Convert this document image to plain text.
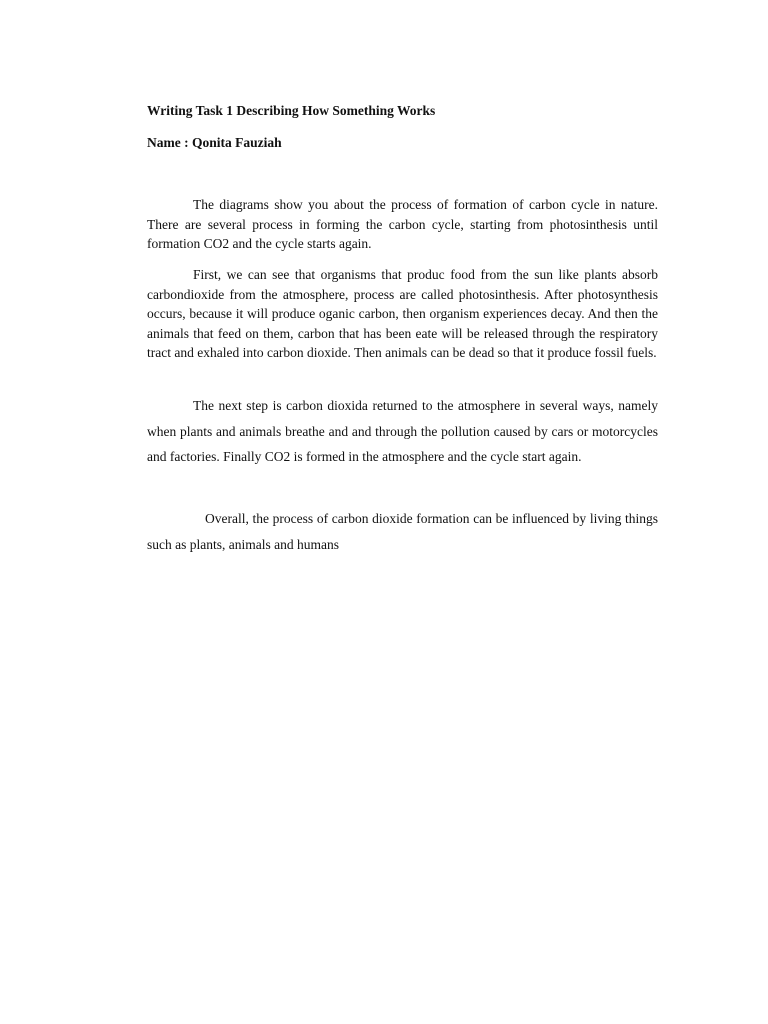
Writing Task 1 Describing How Something Works

Name : Qonita Fauziah

The diagrams show you about the process of formation of carbon cycle in nature. There are several process in forming the carbon cycle, starting from photosinthesis until formation CO2 and the cycle starts again.

First, we can see that organisms that produc food from the sun like plants absorb carbondioxide from the atmosphere, process are called photosinthesis. After photosynthesis occurs, because it will produce oganic carbon, then organism experiences decay. And then the animals that feed on them, carbon that has been eate will be released through the respiratory tract and exhaled into carbon dioxide. Then animals can be dead so that it produce fossil fuels.

The next step is carbon dioxida returned to the atmosphere in several ways, namely when plants and animals breathe and and through the pollution caused by cars or motorcycles and factories. Finally CO2 is formed in the atmosphere and the cycle start again.

Overall, the process of carbon dioxide formation can be influenced by living things such as plants, animals and humans
